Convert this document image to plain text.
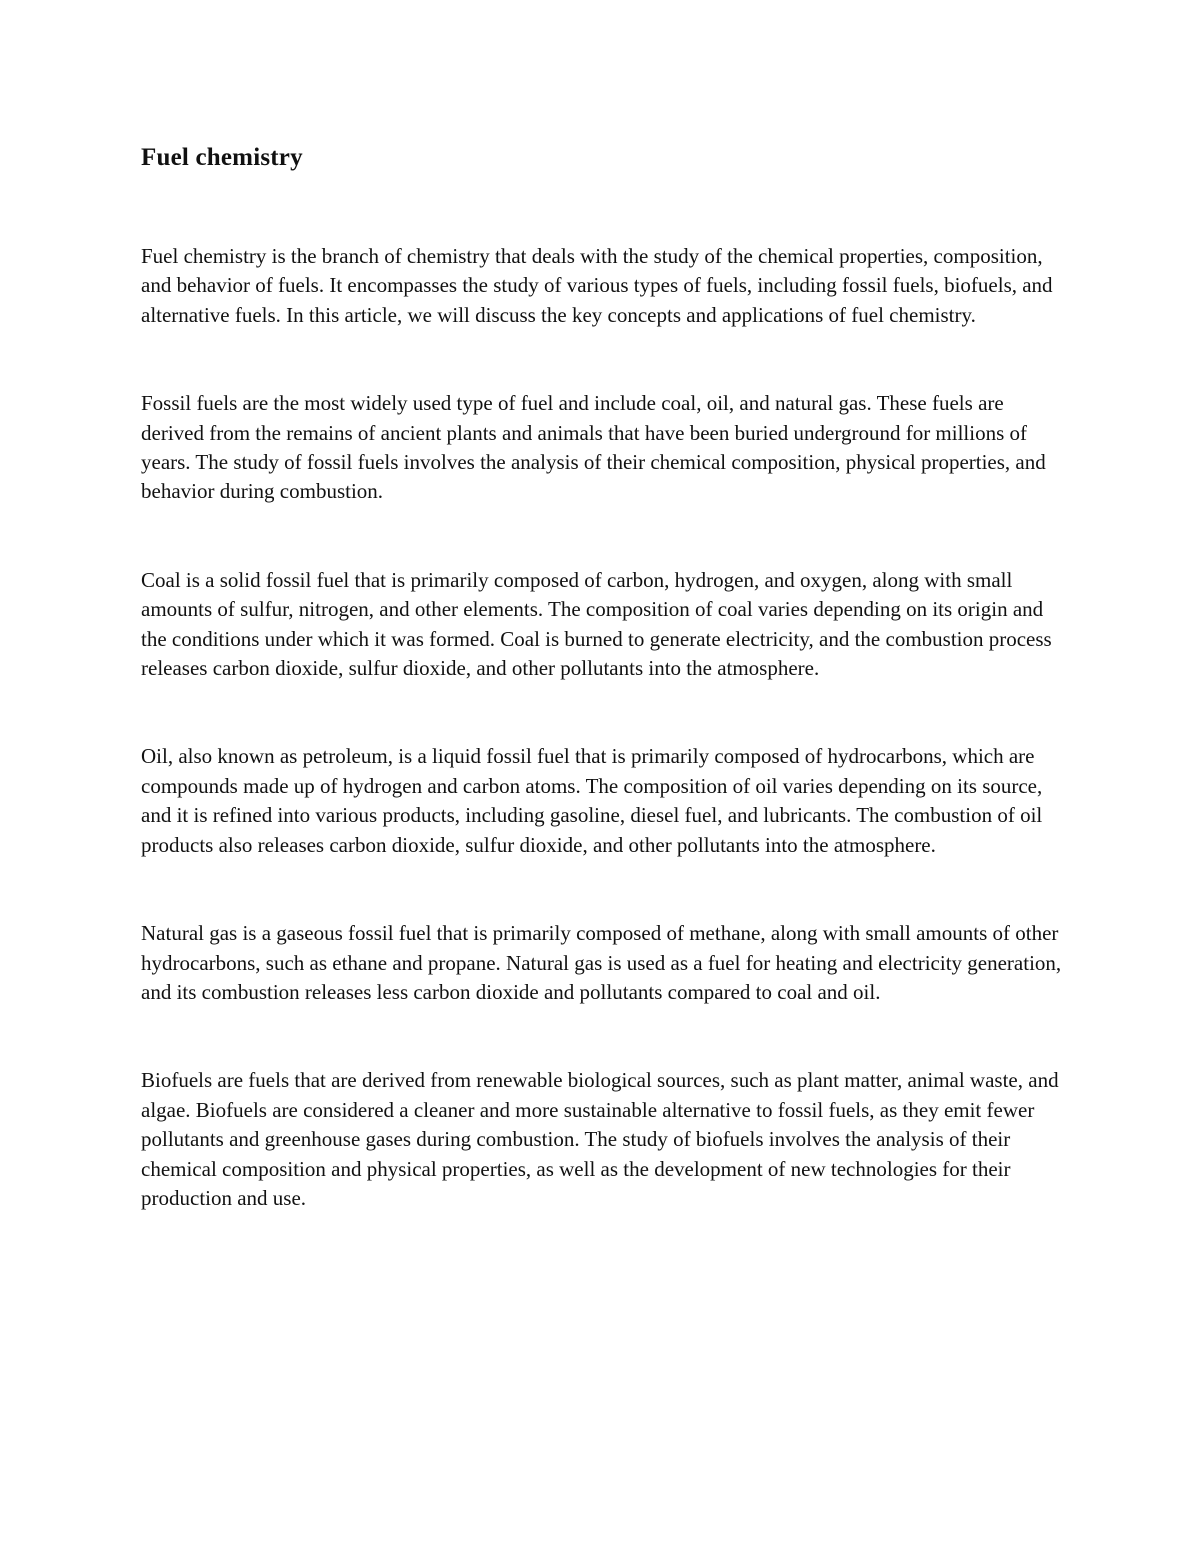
Fuel chemistry

Fuel chemistry is the branch of chemistry that deals with the study of the chemical properties, composition, and behavior of fuels. It encompasses the study of various types of fuels, including fossil fuels, biofuels, and alternative fuels. In this article, we will discuss the key concepts and applications of fuel chemistry.

Fossil fuels are the most widely used type of fuel and include coal, oil, and natural gas. These fuels are derived from the remains of ancient plants and animals that have been buried underground for millions of years. The study of fossil fuels involves the analysis of their chemical composition, physical properties, and behavior during combustion.

Coal is a solid fossil fuel that is primarily composed of carbon, hydrogen, and oxygen, along with small amounts of sulfur, nitrogen, and other elements. The composition of coal varies depending on its origin and the conditions under which it was formed. Coal is burned to generate electricity, and the combustion process releases carbon dioxide, sulfur dioxide, and other pollutants into the atmosphere.

Oil, also known as petroleum, is a liquid fossil fuel that is primarily composed of hydrocarbons, which are compounds made up of hydrogen and carbon atoms. The composition of oil varies depending on its source, and it is refined into various products, including gasoline, diesel fuel, and lubricants. The combustion of oil products also releases carbon dioxide, sulfur dioxide, and other pollutants into the atmosphere.

Natural gas is a gaseous fossil fuel that is primarily composed of methane, along with small amounts of other hydrocarbons, such as ethane and propane. Natural gas is used as a fuel for heating and electricity generation, and its combustion releases less carbon dioxide and pollutants compared to coal and oil.

Biofuels are fuels that are derived from renewable biological sources, such as plant matter, animal waste, and algae. Biofuels are considered a cleaner and more sustainable alternative to fossil fuels, as they emit fewer pollutants and greenhouse gases during combustion. The study of biofuels involves the analysis of their chemical composition and physical properties, as well as the development of new technologies for their production and use.
